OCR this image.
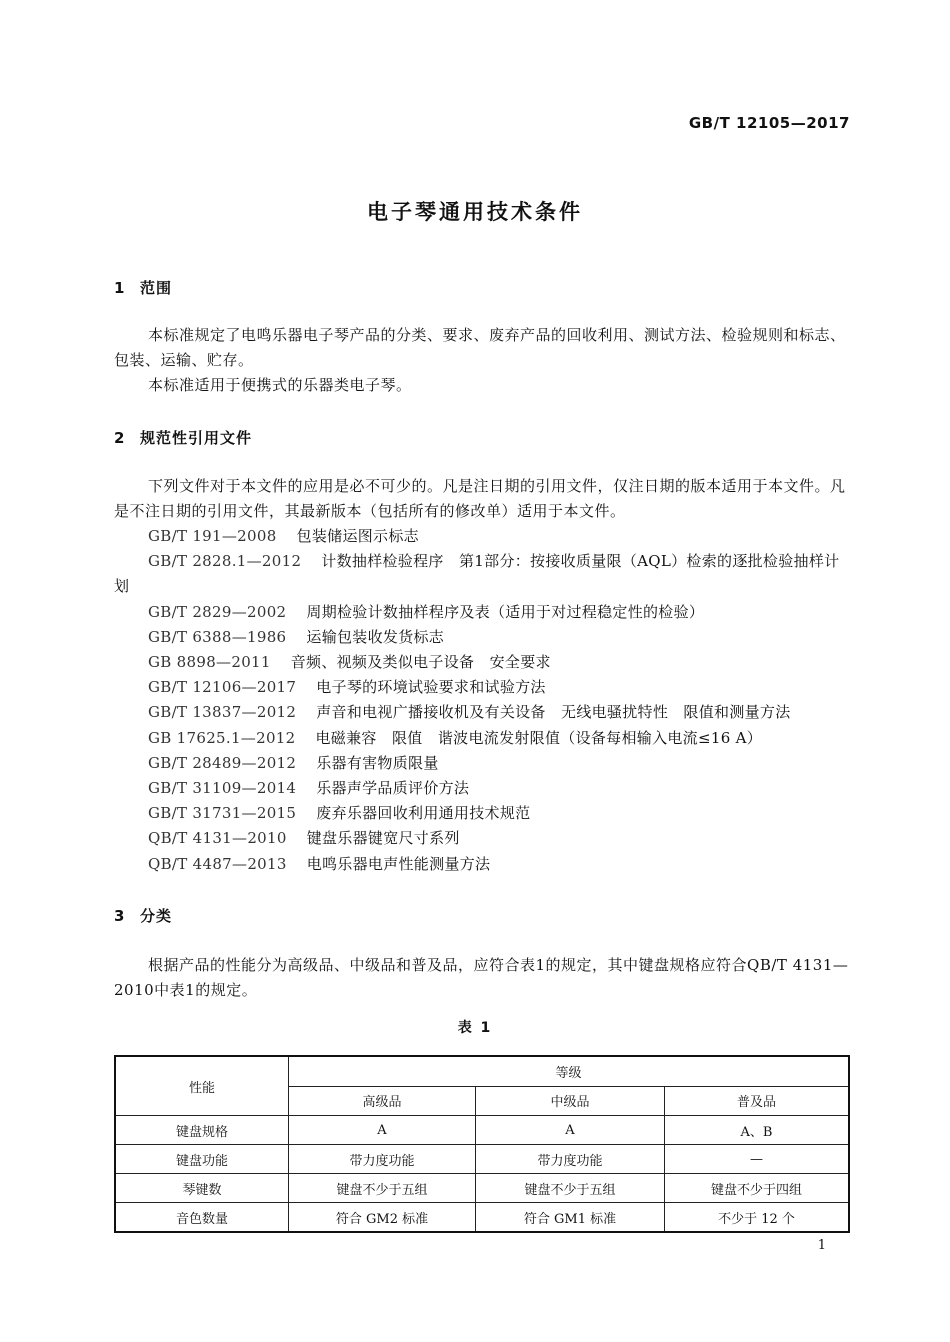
GB/T 12105—2017
电子琴通用技术条件
1 范围

本标准规定了电鸣乐器电子琴产品的分类、要求、废弃产品的回收利用、测试方法、检验规则和标志、包装、运输、贮存。

本标准适用于便携式的乐器类电子琴。

2 规范性引用文件

下列文件对于本文件的应用是必不可少的。凡是注日期的引用文件，仅注日期的版本适用于本文件。凡是不注日期的引用文件，其最新版本（包括所有的修改单）适用于本文件。

GB/T 191—2008 包装储运图示标志
GB/T 2828.1—2012 计数抽样检验程序　第1部分：按接收质量限（AQL）检索的逐批检验抽样计划
GB/T 2829—2002 周期检验计数抽样程序及表（适用于对过程稳定性的检验）
GB/T 6388—1986 运输包装收发货标志
GB 8898—2011 音频、视频及类似电子设备　安全要求
GB/T 12106—2017 电子琴的环境试验要求和试验方法
GB/T 13837—2012 声音和电视广播接收机及有关设备　无线电骚扰特性　限值和测量方法
GB 17625.1—2012 电磁兼容　限值　谐波电流发射限值（设备每相输入电流≤16 A）
GB/T 28489—2012 乐器有害物质限量
GB/T 31109—2014 乐器声学品质评价方法
GB/T 31731—2015 废弃乐器回收利用通用技术规范
QB/T 4131—2010 键盘乐器键宽尺寸系列
QB/T 4487—2013 电鸣乐器电声性能测量方法
3 分类

根据产品的性能分为高级品、中级品和普及品，应符合表1的规定，其中键盘规格应符合QB/T 4131—2010中表1的规定。

表 1
性能	等级		
	高级品	中级品	普及品
键盘规格	A	A	A、B
键盘功能	带力度功能	带力度功能	—
琴键数	键盘不少于五组	键盘不少于五组	键盘不少于四组
音色数量	符合 GM2 标准	符合 GM1 标准	不少于 12 个
1
